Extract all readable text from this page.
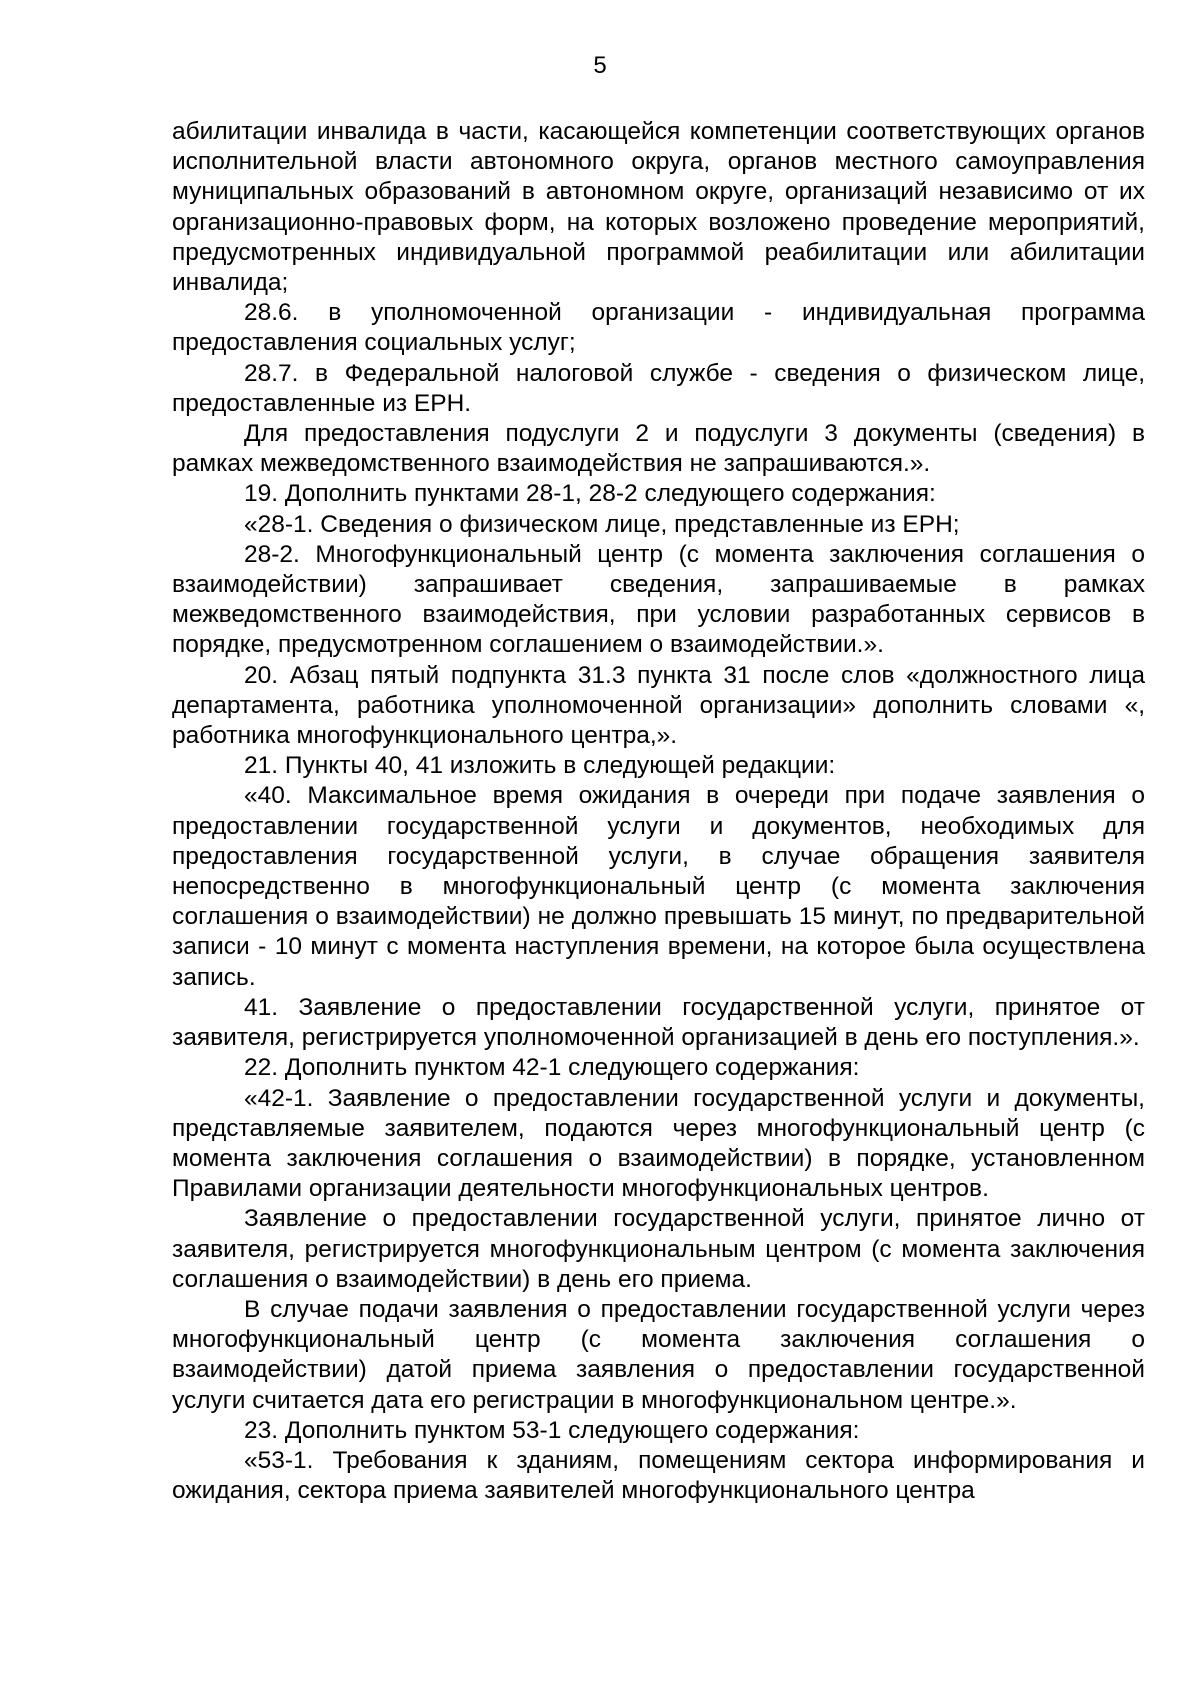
5

абилитации инвалида в части, касающейся компетенции соответствующих органов исполнительной власти автономного округа, органов местного самоуправления муниципальных образований в автономном округе, организаций независимо от их организационно-правовых форм, на которых возложено проведение мероприятий, предусмотренных индивидуальной программой реабилитации или абилитации инвалида;

28.6. в уполномоченной организации - индивидуальная программа предоставления социальных услуг;

28.7. в Федеральной налоговой службе - сведения о физическом лице, предоставленные из ЕРН.

Для предоставления подуслуги 2 и подуслуги 3 документы (сведения) в рамках межведомственного взаимодействия не запрашиваются.».

19. Дополнить пунктами 28-1, 28-2 следующего содержания:

«28-1. Сведения о физическом лице, представленные из ЕРН;

28-2. Многофункциональный центр (с момента заключения соглашения о взаимодействии) запрашивает сведения, запрашиваемые в рамках межведомственного взаимодействия, при условии разработанных сервисов в порядке, предусмотренном соглашением о взаимодействии.».

20. Абзац пятый подпункта 31.3 пункта 31 после слов «должностного лица департамента, работника уполномоченной организации» дополнить словами «, работника многофункционального центра,».

21. Пункты 40, 41 изложить в следующей редакции:

«40. Максимальное время ожидания в очереди при подаче заявления о предоставлении государственной услуги и документов, необходимых для предоставления государственной услуги, в случае обращения заявителя непосредственно в многофункциональный центр (с момента заключения соглашения о взаимодействии) не должно превышать 15 минут, по предварительной записи - 10 минут с момента наступления времени, на которое была осуществлена запись.

41. Заявление о предоставлении государственной услуги, принятое от заявителя, регистрируется уполномоченной организацией в день его поступления.».

22. Дополнить пунктом 42-1 следующего содержания:

«42-1. Заявление о предоставлении государственной услуги и документы, представляемые заявителем, подаются через многофункциональный центр (с момента заключения соглашения о взаимодействии) в порядке, установленном Правилами организации деятельности многофункциональных центров.

Заявление о предоставлении государственной услуги, принятое лично от заявителя, регистрируется многофункциональным центром (с момента заключения соглашения о взаимодействии) в день его приема.

В случае подачи заявления о предоставлении государственной услуги через многофункциональный центр (с момента заключения соглашения о взаимодействии) датой приема заявления о предоставлении государственной услуги считается дата его регистрации в многофункциональном центре.».

23. Дополнить пунктом 53-1 следующего содержания:

«53-1. Требования к зданиям, помещениям сектора информирования и ожидания, сектора приема заявителей многофункционального центра
